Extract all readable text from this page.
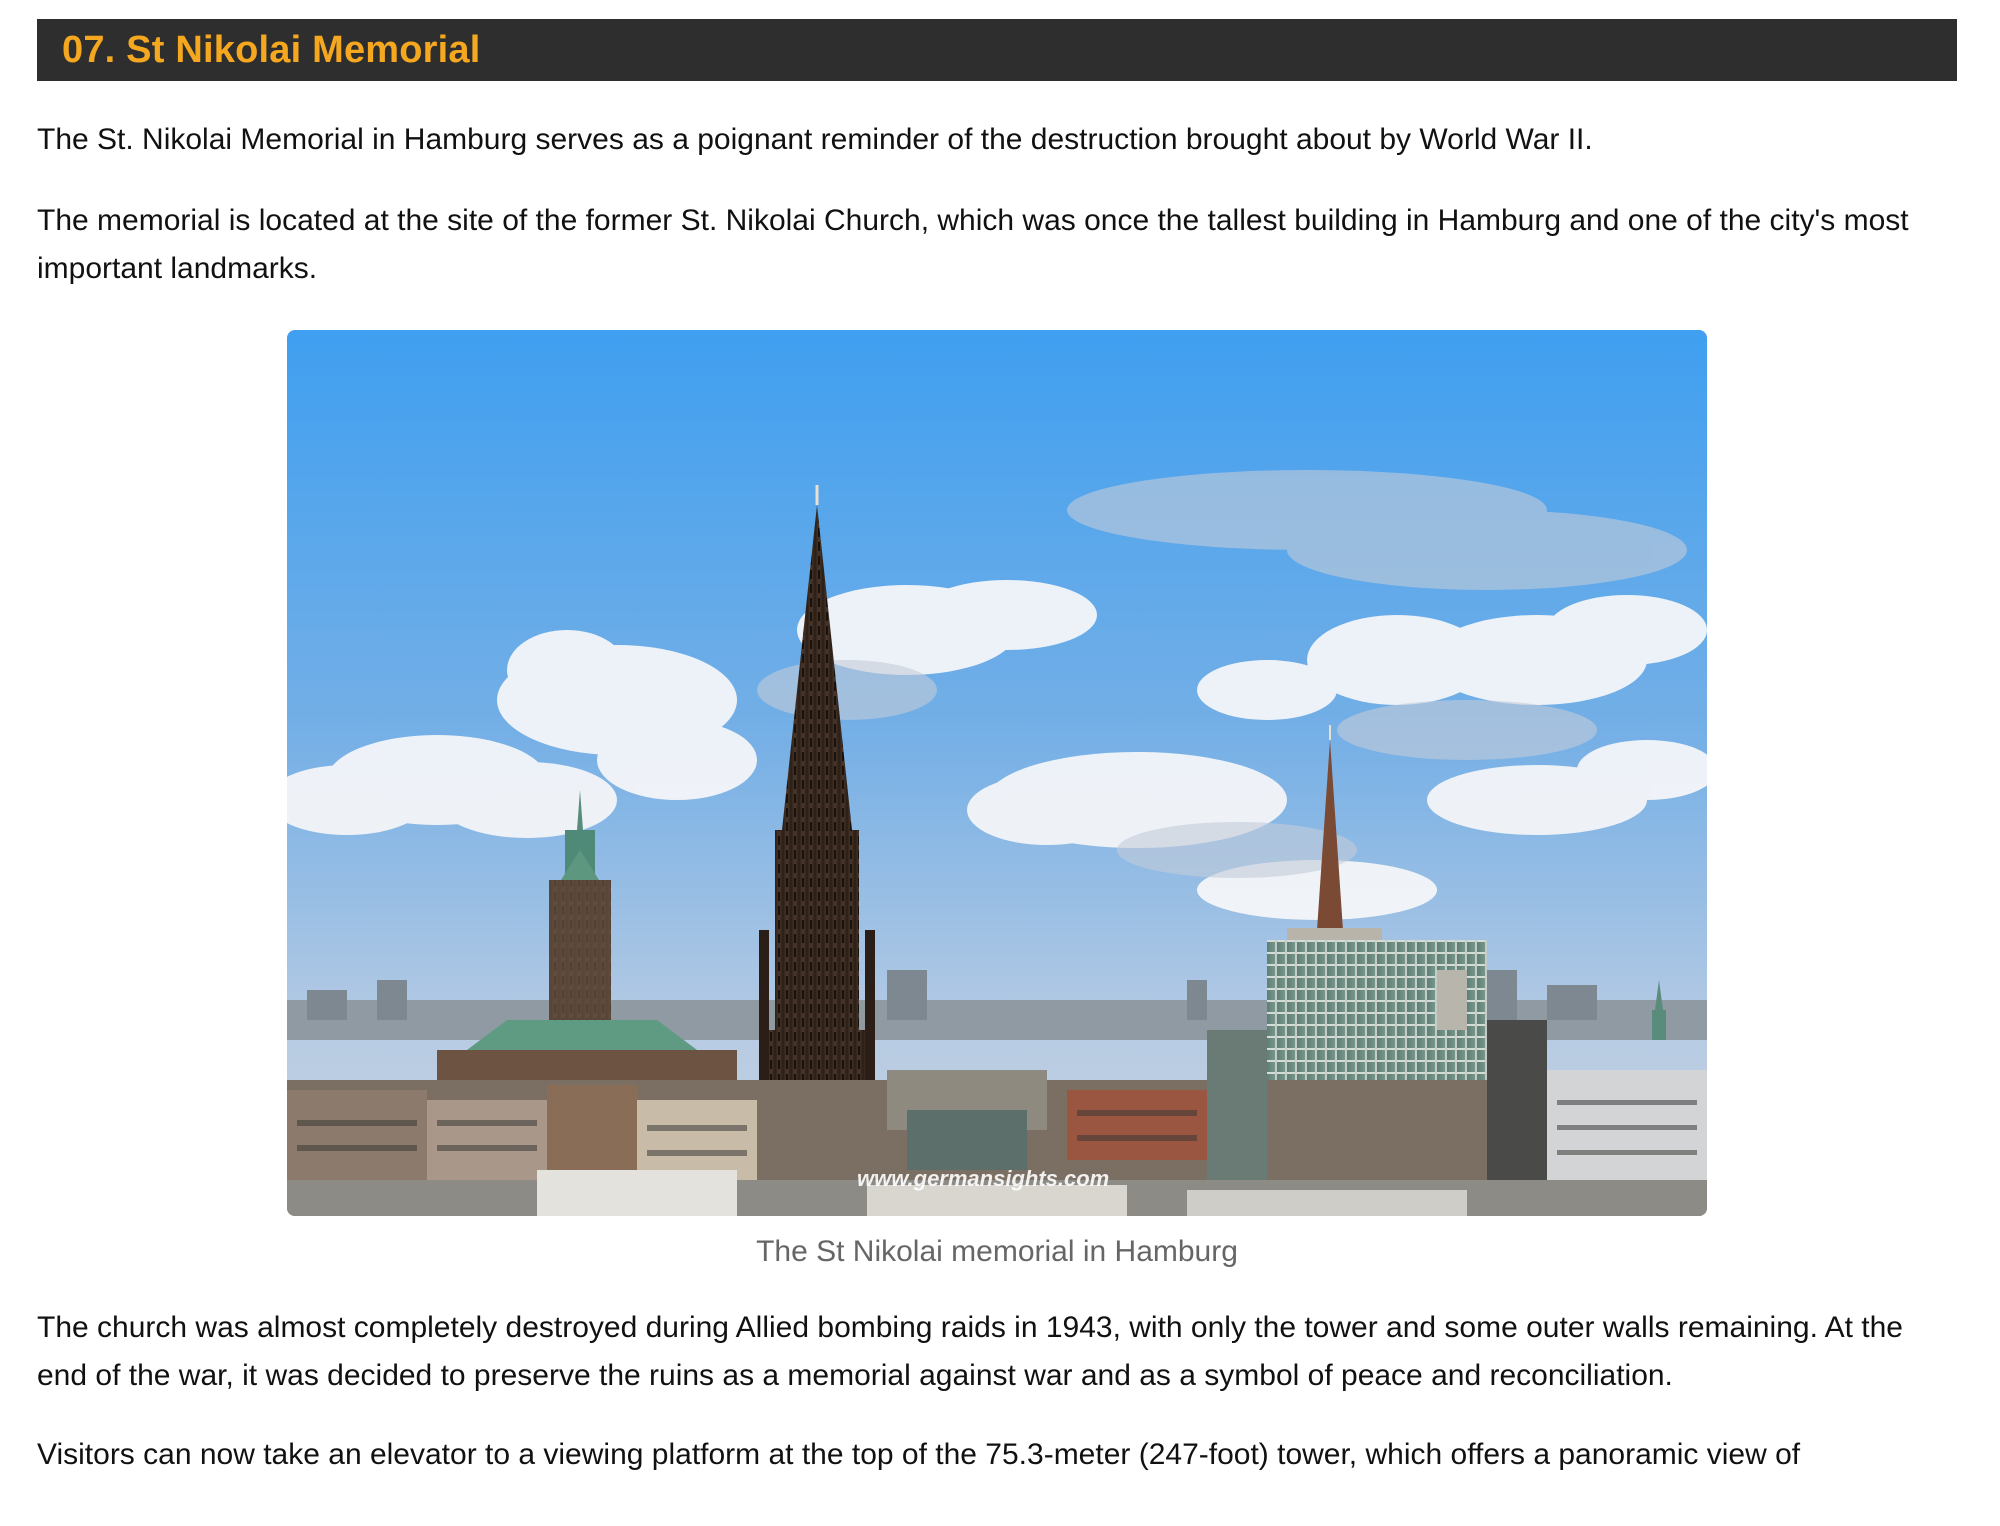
07. St Nikolai Memorial

The St. Nikolai Memorial in Hamburg serves as a poignant reminder of the destruction brought about by World War II.

The memorial is located at the site of the former St. Nikolai Church, which was once the tallest building in Hamburg and one of the city's most important landmarks.

www.germansights.com
The St Nikolai memorial in Hamburg

The church was almost completely destroyed during Allied bombing raids in 1943, with only the tower and some outer walls remaining. At the end of the war, it was decided to preserve the ruins as a memorial against war and as a symbol of peace and reconciliation.

Visitors can now take an elevator to a viewing platform at the top of the 75.3-meter (247-foot) tower, which offers a panoramic view of
